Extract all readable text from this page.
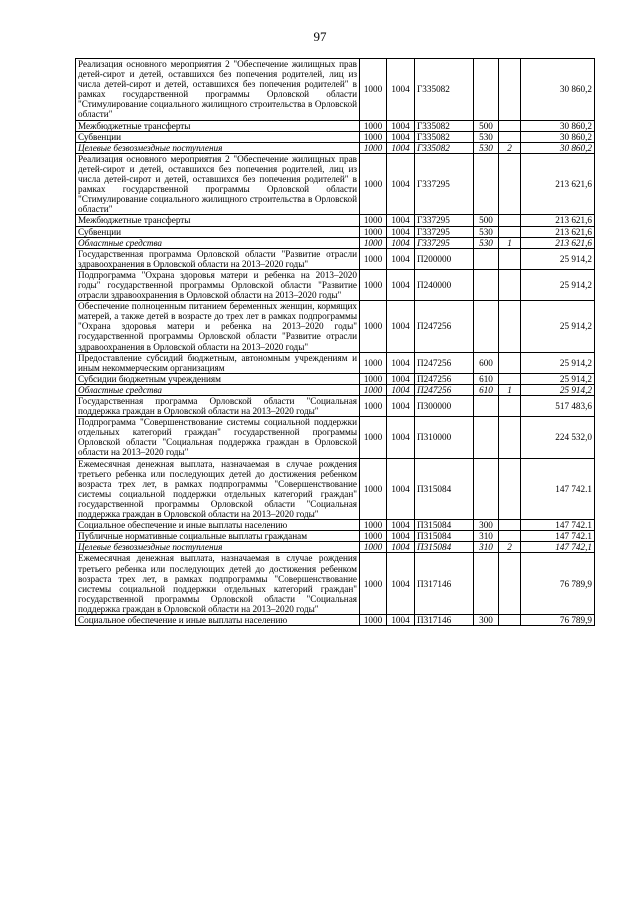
97
Реализация основного мероприятия 2 "Обеспечение жилищных прав детей-сирот и детей, оставшихся без попечения родителей, лиц из числа детей-сирот и детей, оставшихся без попечения родителей" в рамках государственной программы Орловской области "Стимулирование социального жилищного строительства в Орловской области"	1000	1004	Г335082			30 860,2
Межбюджетные трансферты	1000	1004	Г335082	500		30 860,2
Субвенции	1000	1004	Г335082	530		30 860,2
Целевые безвозмездные поступления	1000	1004	Г335082	530	2	30 860,2
Реализация основного мероприятия 2 "Обеспечение жилищных прав детей-сирот и детей, оставшихся без попечения родителей, лиц из числа детей-сирот и детей, оставшихся без попечения родителей" в рамках государственной программы Орловской области "Стимулирование социального жилищного строительства в Орловской области"	1000	1004	Г337295			213 621,6
Межбюджетные трансферты	1000	1004	Г337295	500		213 621,6
Субвенции	1000	1004	Г337295	530		213 621,6
Областные средства	1000	1004	Г337295	530	1	213 621,6
Государственная программа Орловской области "Развитие отрасли здравоохранения в Орловской области на 2013–2020 годы"	1000	1004	П200000			25 914,2
Подпрограмма "Охрана здоровья матери и ребенка на 2013–2020 годы" государственной программы Орловской области "Развитие отрасли здравоохранения в Орловской области на 2013–2020 годы"	1000	1004	П240000			25 914,2
Обеспечение полноценным питанием беременных женщин, кормящих матерей, а также детей в возрасте до трех лет в рамках подпрограммы "Охрана здоровья матери и ребенка на 2013–2020 годы" государственной программы Орловской области "Развитие отрасли здравоохранения в Орловской области на 2013–2020 годы"	1000	1004	П247256			25 914,2
Предоставление субсидий бюджетным, автономным учреждениям и иным некоммерческим организациям	1000	1004	П247256	600		25 914,2
Субсидии бюджетным учреждениям	1000	1004	П247256	610		25 914,2
Областные средства	1000	1004	П247256	610	1	25 914,2
Государственная программа Орловской области "Социальная поддержка граждан в Орловской области на 2013–2020 годы"	1000	1004	П300000			517 483,6
Подпрограмма "Совершенствование системы социальной поддержки отдельных категорий граждан" государственной программы Орловской области "Социальная поддержка граждан в Орловской области на 2013–2020 годы"	1000	1004	П310000			224 532,0
Ежемесячная денежная выплата, назначаемая в случае рождения третьего ребенка или последующих детей до достижения ребенком возраста трех лет, в рамках подпрограммы "Совершенствование системы социальной поддержки отдельных категорий граждан" государственной программы Орловской области "Социальная поддержка граждан в Орловской области на 2013–2020 годы"	1000	1004	П315084			147 742.1
Социальное обеспечение и иные выплаты населению	1000	1004	П315084	300		147 742.1
Публичные нормативные социальные выплаты гражданам	1000	1004	П315084	310		147 742.1
Целевые безвозмездные поступления	1000	1004	П315084	310	2	147 742,1
Ежемесячная денежная выплата, назначаемая в случае рождения третьего ребенка или последующих детей до достижения ребенком возраста трех лет, в рамках подпрограммы "Совершенствование системы социальной поддержки отдельных категорий граждан" государственной программы Орловской области "Социальная поддержка граждан в Орловской области на 2013–2020 годы"	1000	1004	П317146			76 789,9
Социальное обеспечение и иные выплаты населению	1000	1004	П317146	300		76 789,9
